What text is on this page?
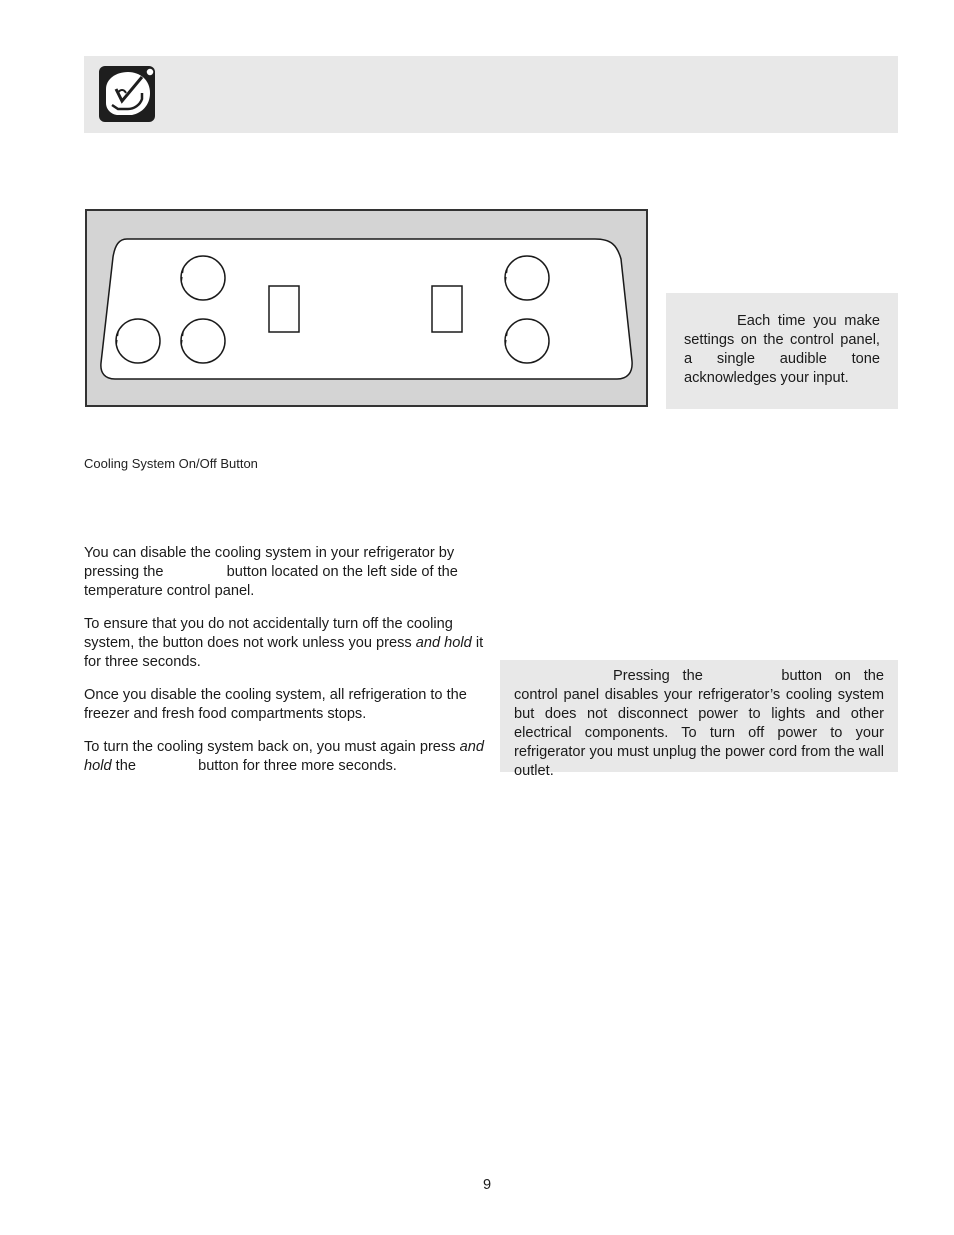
Each time you make settings on the control panel, a single audible tone acknowledges your input.

Cooling System On/Off Button

You can disable the cooling system in your refrigerator by pressing the	button located on the left side of the temperature control panel.

To ensure that you do not accidentally turn off the cooling system, the button does not work unless you press and hold it for three seconds.

Once you disable the cooling system, all refrigeration to the freezer and fresh food compartments stops.

To turn the cooling system back on, you must again press and hold the	button for three more seconds.

Pressing the	button on the control panel disables your refrigerator’s cooling system but does not disconnect power to lights and other electrical components. To turn off power to your refrigerator you must unplug the power cord from the wall outlet.

9
